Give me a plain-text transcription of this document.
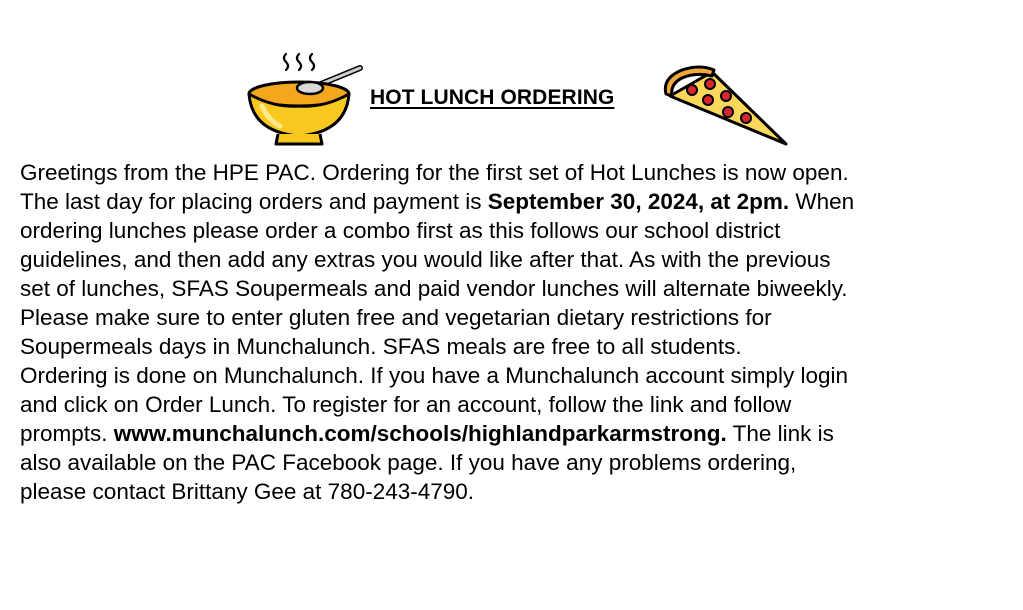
HOT LUNCH ORDERING
Greetings from the HPE PAC. Ordering for the first set of Hot Lunches is now open.
The last day for placing orders and payment is September 30, 2024, at 2pm. When
ordering lunches please order a combo first as this follows our school district
guidelines, and then add any extras you would like after that. As with the previous
set of lunches, SFAS Soupermeals and paid vendor lunches will alternate biweekly.
Please make sure to enter gluten free and vegetarian dietary restrictions for
Soupermeals days in Munchalunch. SFAS meals are free to all students.
Ordering is done on Munchalunch. If you have a Munchalunch account simply login
and click on Order Lunch. To register for an account, follow the link and follow
prompts. www.munchalunch.com/schools/highlandparkarmstrong. The link is
also available on the PAC Facebook page. If you have any problems ordering,
please contact Brittany Gee at 780-243-4790.
